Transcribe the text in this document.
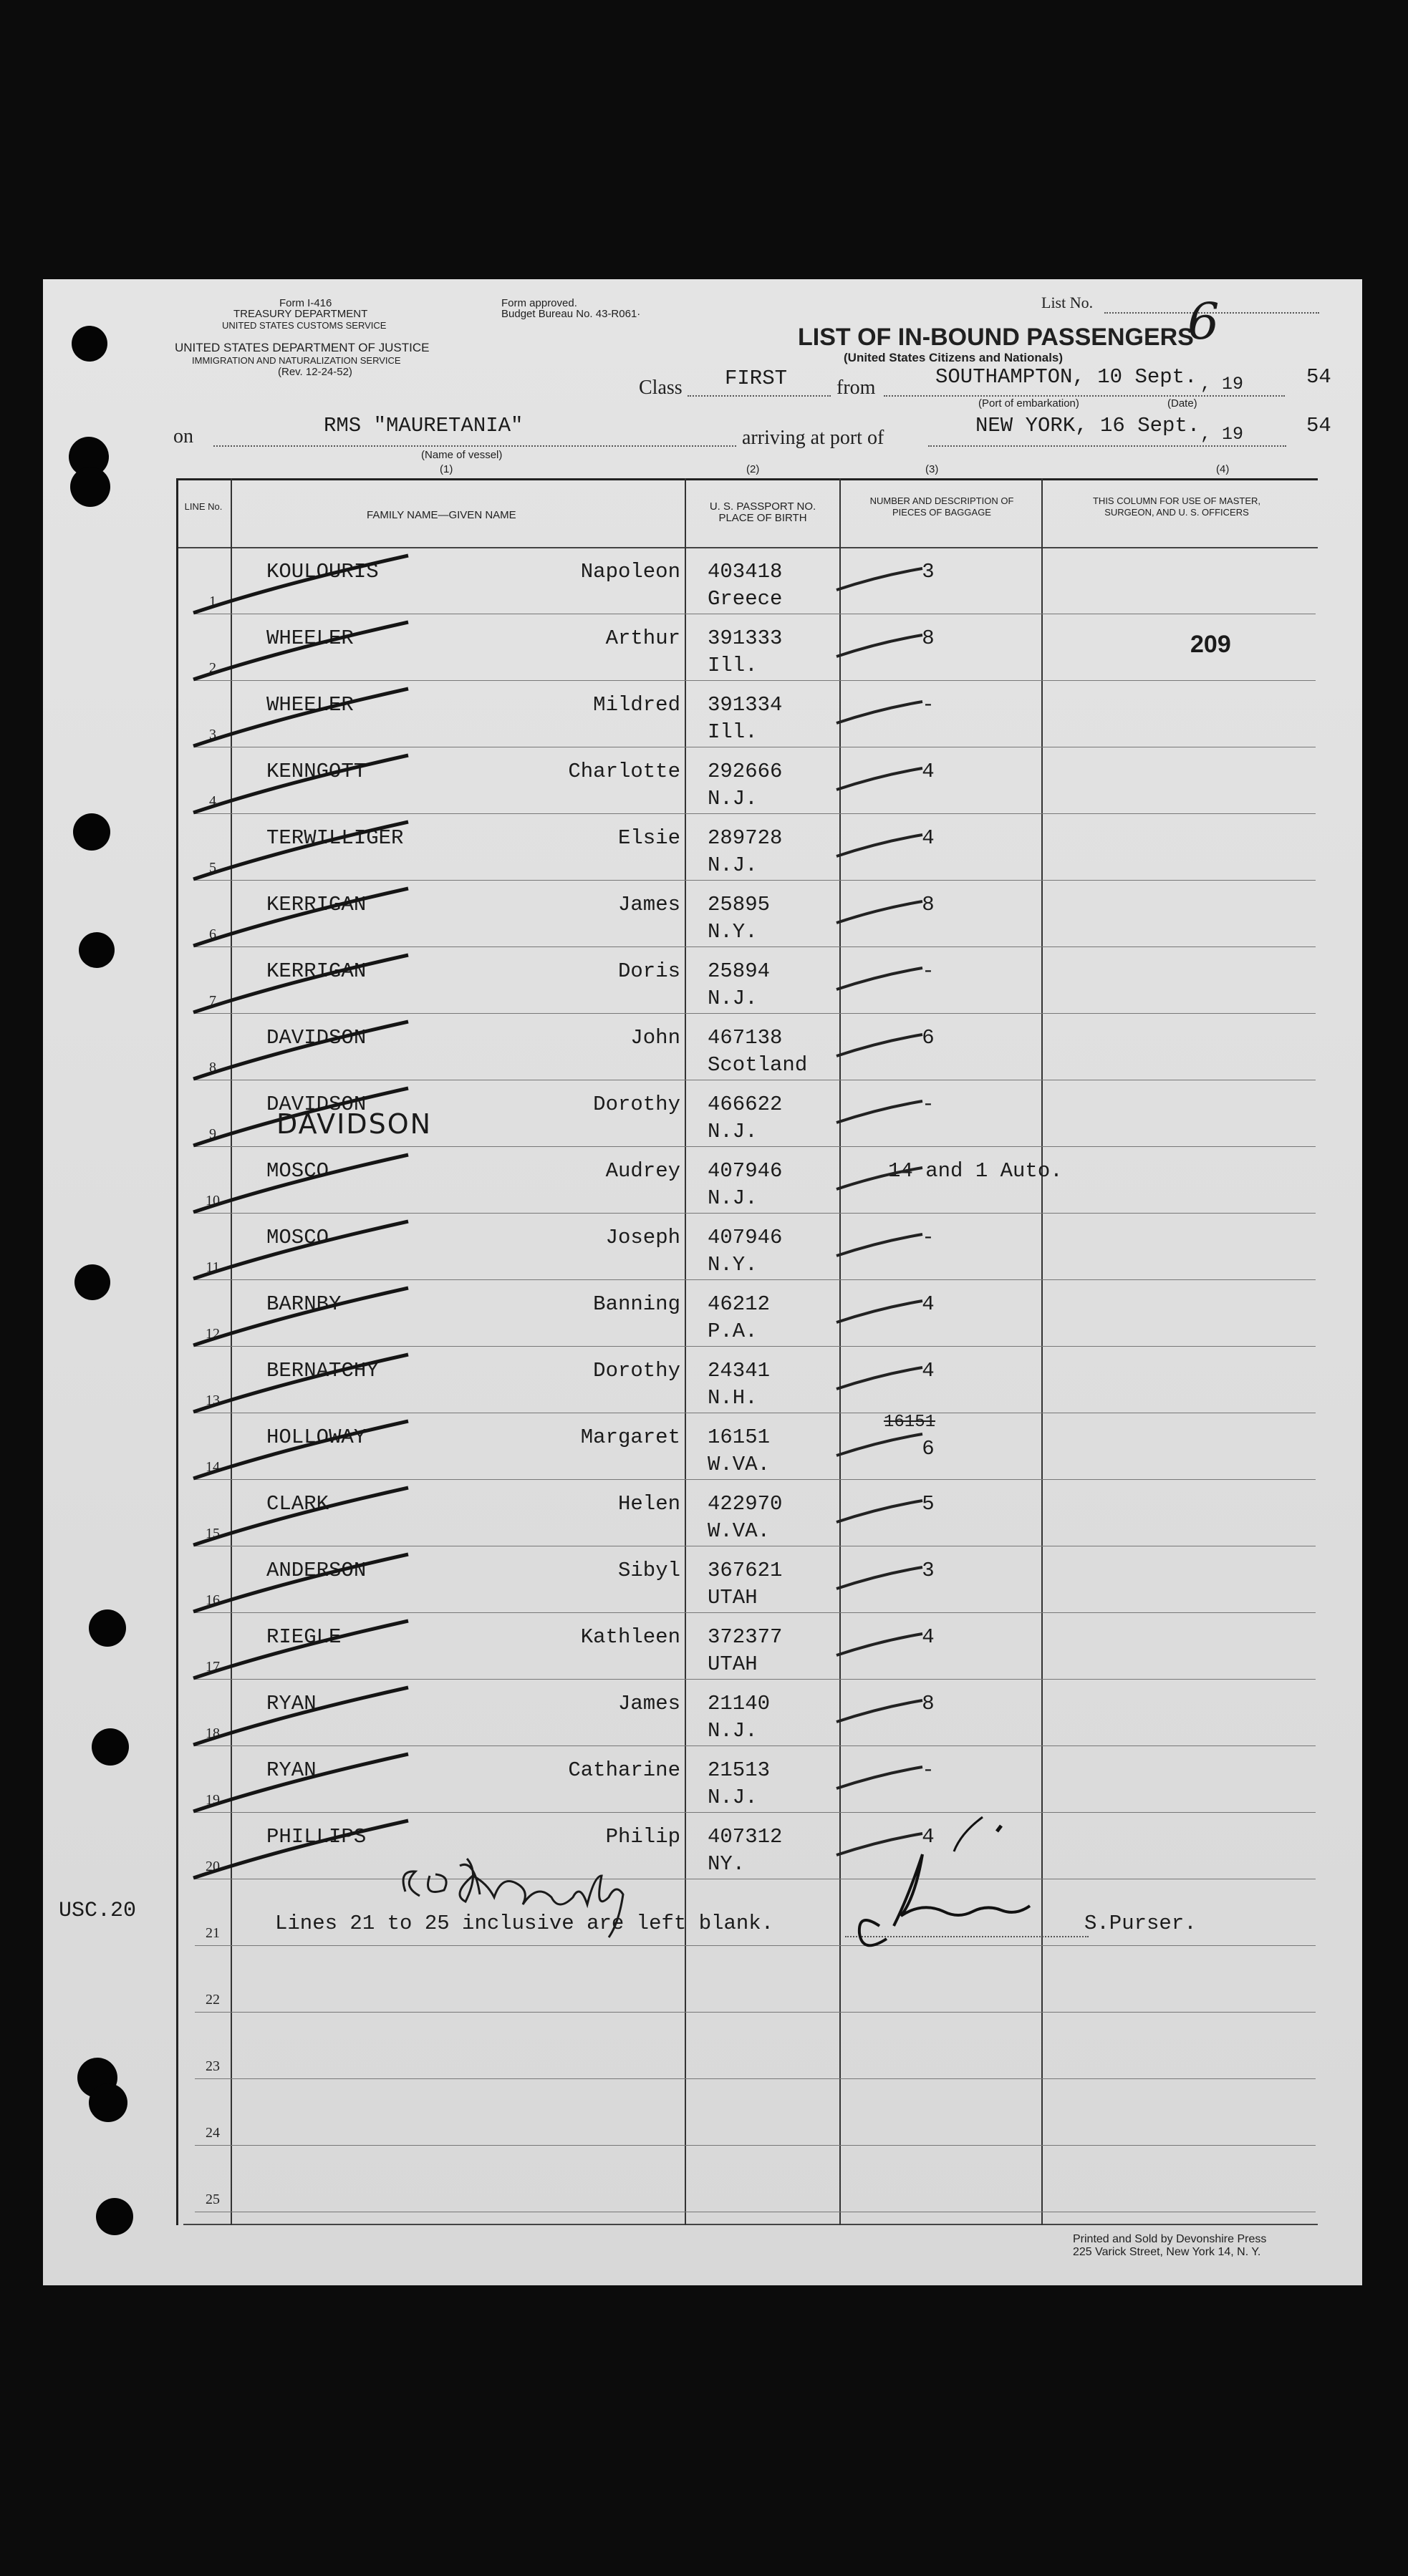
Form I-416
TREASURY DEPARTMENT
UNITED STATES CUSTOMS SERVICE
Form approved.
Budget Bureau No. 43-R061·
UNITED STATES DEPARTMENT OF JUSTICE
IMMIGRATION AND NATURALIZATION SERVICE
(Rev. 12-24-52)
LIST OF IN-BOUND PASSENGERS
(United States Citizens and Nationals)
List No. 6
Class FIRST from	SOUTHAMPTON, 10 Sept. , 19	54
(Port of embarkation)	(Date)
on	RMS "MAURETANIA"
(Name of vessel)
arriving at port of
NEW YORK, 16 Sept. , 19	54
(1)	(2)	(3)	(4)
LINE No.
FAMILY NAME—GIVEN NAME
U. S. PASSPORT NO. PLACE OF BIRTH
NUMBER AND DESCRIPTION OF PIECES OF BAGGAGE
THIS COLUMN FOR USE OF MASTER, SURGEON, AND U. S. OFFICERS
1
KOULOURIS	Napoleon 403418
Greece
3
2
WHEELER	Arthur 391333
Ill.
8	209
3
WHEELER	Mildred 391334
Ill.
-
4
KENNGOTT	Charlotte 292666
N.J.
4
5
TERWILLIGER	Elsie 289728
N.J.
4
6
KERRIGAN	James 25895
N.Y.
8
7
KERRIGAN	Doris 25894
N.J.
-
8
DAVIDSON	John 467138
Scotland
6
9
DAVIDSON	Dorothy 466622
N.J.
-
10
MOSCO	Audrey 407946
N.J.
14 and 1 Auto.
11
MOSCO	Joseph 407946
N.Y.
-
12
BARNBY	Banning 46212
P.A.
4
13
BERNATCHY	Dorothy 24341
N.H.
4
14
HOLLOWAY	Margaret 16151
W.VA.
6
15
CLARK	Helen 422970
W.VA.
5
16
ANDERSON	Sibyl 367621
UTAH
3
17
RIEGLE	Kathleen 372377
UTAH
4
18
RYAN	James 21140
N.J.
8
19
RYAN	Catharine 21513
N.J.
-
20
PHILLIPS	Philip 407312
NY.
4
21
22
23
24
25
16151
Lines 21 to 25 inclusive are left blank.	S.Purser.
DAVIDSON
USC.20
Printed and Sold by Devonshire Press
225 Varick Street, New York 14, N. Y.
